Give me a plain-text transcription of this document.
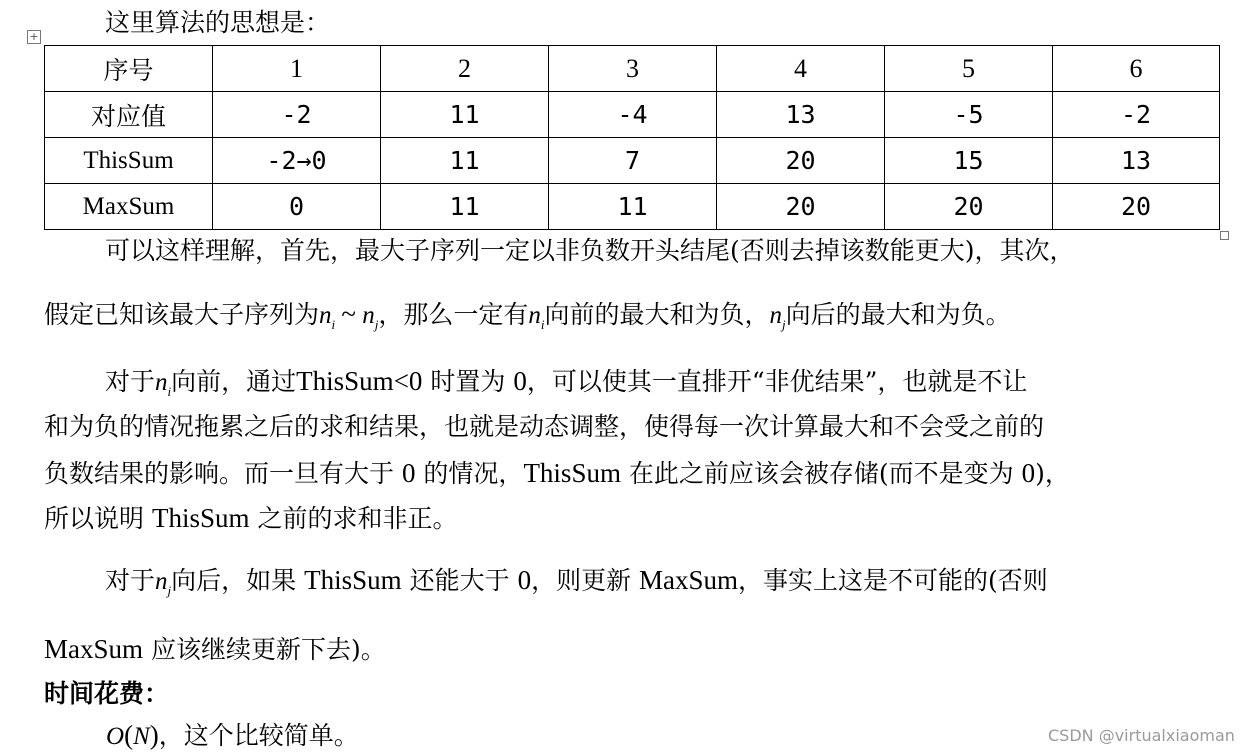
这里算法的思想是：
+
序号	1	2	3	4	5	6
对应值	-2	11	-4	13	-5	-2
ThisSum	-2→0	11	7	20	15	13
MaxSum	0	11	11	20	20	20
可以这样理解，首先，最大子序列一定以非负数开头结尾(否则去掉该数能更大)，其次，
假定已知该最大子序列为$n_i$ ~ $n_j$，那么一定有$n_i$向前的最大和为负，$n_j$向后的最大和为负。
对于$n_i$向前，通过ThisSum<0 时置为 0，可以使其一直排开“非优结果”，也就是不让
和为负的情况拖累之后的求和结果，也就是动态调整，使得每一次计算最大和不会受之前的
负数结果的影响。而一旦有大于 0 的情况，ThisSum 在此之前应该会被存储(而不是变为 0)，
所以说明 ThisSum 之前的求和非正。
对于$n_j$向后，如果 ThisSum 还能大于 0，则更新 MaxSum，事实上这是不可能的(否则
MaxSum 应该继续更新下去)。
时间花费：
O(N)，这个比较简单。	CSDN @virtualxiaoman
